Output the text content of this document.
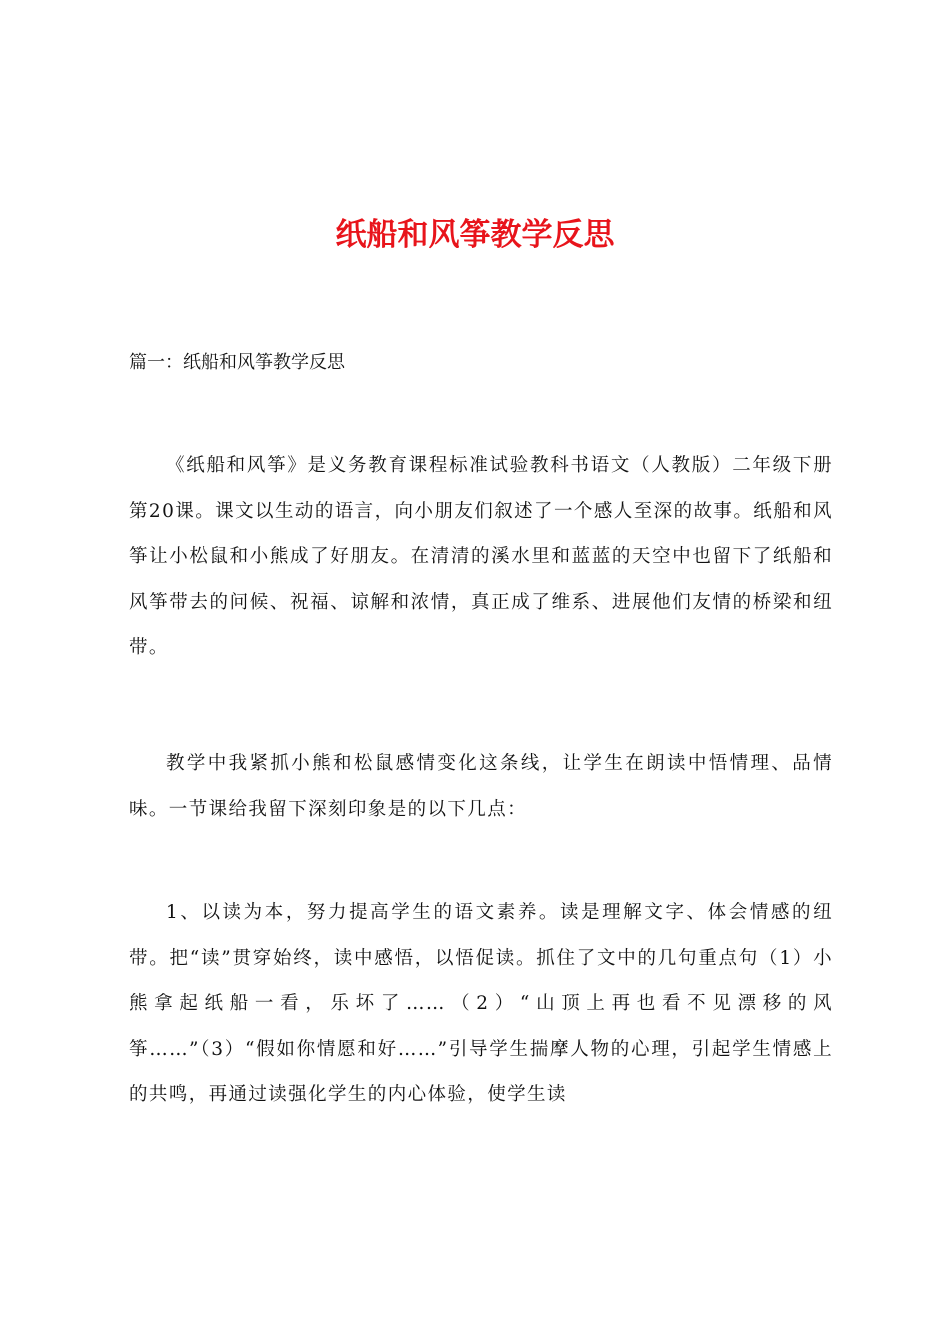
纸船和风筝教学反思
篇一：纸船和风筝教学反思

《纸船和风筝》是义务教育课程标准试验教科书语文（人教版）二年级下册第20课。课文以生动的语言，向小朋友们叙述了一个感人至深的故事。纸船和风筝让小松鼠和小熊成了好朋友。在清清的溪水里和蓝蓝的天空中也留下了纸船和风筝带去的问候、祝福、谅解和浓情，真正成了维系、进展他们友情的桥梁和纽带。

教学中我紧抓小熊和松鼠感情变化这条线，让学生在朗读中悟情理、品情味。一节课给我留下深刻印象是的以下几点：

1、以读为本，努力提高学生的语文素养。读是理解文字、体会情感的纽带。把“读”贯穿始终，读中感悟，以悟促读。抓住了文中的几句重点句（1）小熊拿起纸船一看，乐坏了……（2）“山顶上再也看不见漂移的风筝……”（3）“假如你情愿和好……”引导学生揣摩人物的心理，引起学生情感上的共鸣，再通过读强化学生的内心体验，使学生读
